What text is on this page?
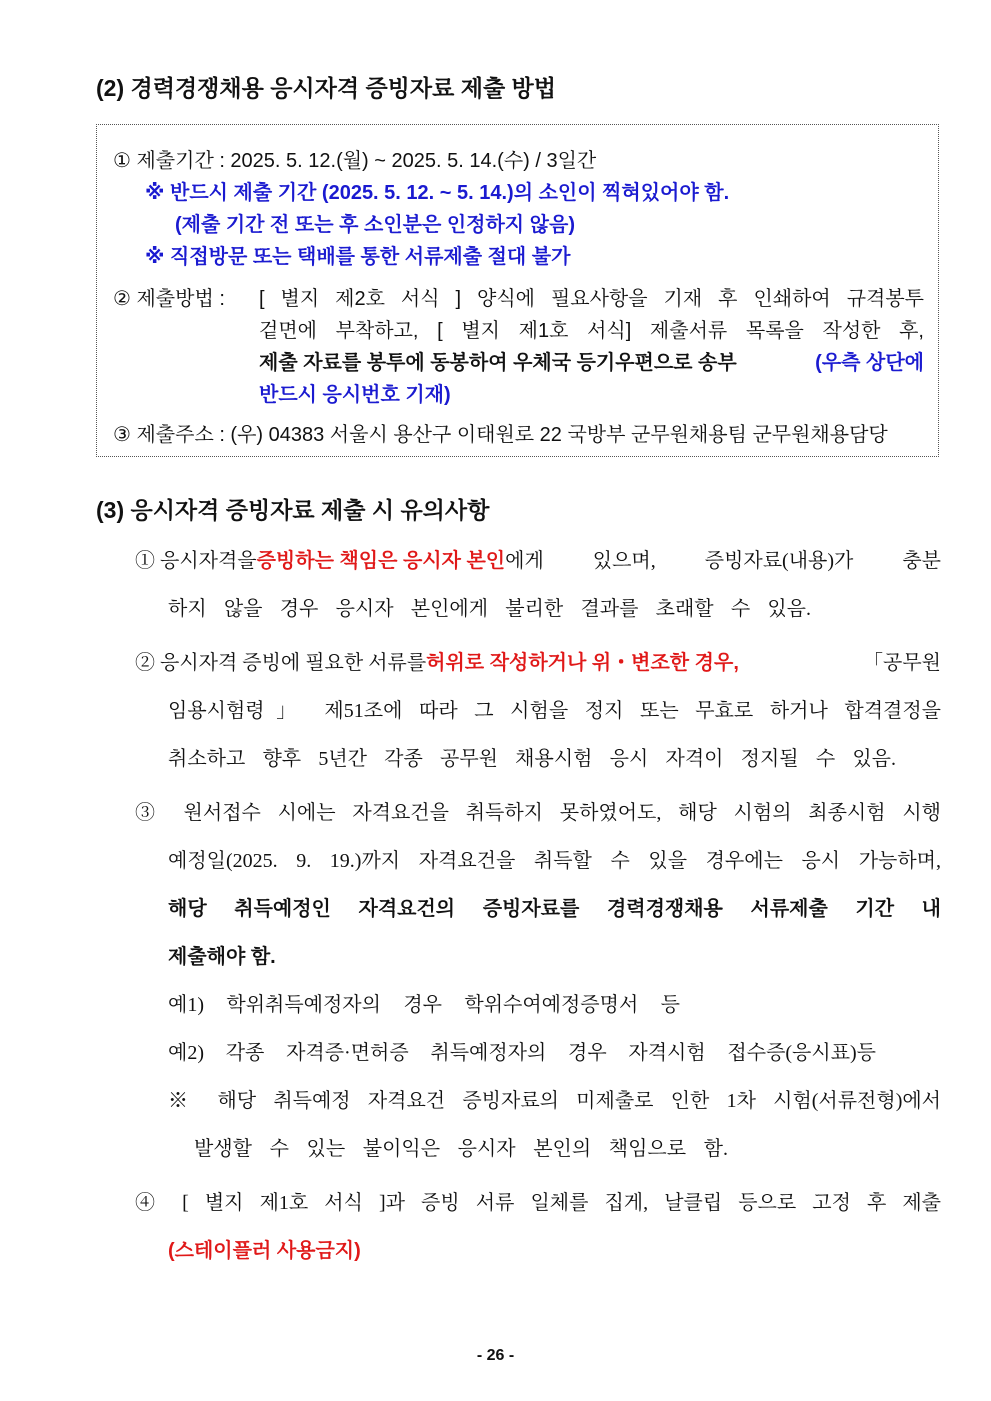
(2) 경력경쟁채용 응시자격 증빙자료 제출 방법
① 제출기간 : 2025. 5. 12.(월) ~ 2025. 5. 14.(수) / 3일간
※ 반드시 제출 기간 (2025. 5. 12. ~ 5. 14.)의 소인이 찍혀있어야 함.
(제출 기간 전 또는 후 소인분은 인정하지 않음)
※ 직접방문 또는 택배를 통한 서류제출 절대 불가
② 제출방법 : [ 별지 제2호 서식 ] 양식에 필요사항을 기재 후 인쇄하여 규격봉투
겉면에 부착하고, [ 별지 제1호 서식] 제출서류 목록을 작성한 후,
제출 자료를 봉투에 동봉하여 우체국 등기우편으로 송부	(우측 상단에
반드시 응시번호 기재)
③ 제출주소 : (우) 04383 서울시 용산구 이태원로 22 국방부 군무원채용팀 군무원채용담당
(3) 응시자격 증빙자료 제출 시 유의사항
① 응시자격을 증빙하는 책임은 응시자 본인 에게 있으며, 증빙자료(내용)가 충분
하지 않을 경우 응시자 본인에게 불리한 결과를 초래할 수 있음.
② 응시자격 증빙에 필요한 서류를 허위로 작성하거나 위・변조한 경우,	「공무원
임용시험령」 제51조에 따라 그 시험을 정지 또는 무효로 하거나 합격결정을
취소하고 향후 5년간 각종 공무원 채용시험 응시 자격이 정지될 수 있음.
③ 원서접수 시에는 자격요건을 취득하지 못하였어도, 해당 시험의 최종시험 시행
예정일(2025. 9. 19.)까지 자격요건을 취득할 수 있을 경우에는 응시 가능하며,
해당 취득예정인 자격요건의 증빙자료를 경력경쟁채용 서류제출 기간 내
제출해야 함.
예1) 학위취득예정자의 경우 학위수여예정증명서 등
예2) 각종 자격증·면허증 취득예정자의 경우 자격시험 접수증(응시표)등
※ 해당 취득예정 자격요건 증빙자료의 미제출로 인한 1차 시험(서류전형)에서
발생할 수 있는 불이익은 응시자 본인의 책임으로 함.
④ [ 별지 제1호 서식 ]과 증빙 서류 일체를 집게, 날클립 등으로 고정 후 제출
(스테이플러 사용금지)
- 26 -
